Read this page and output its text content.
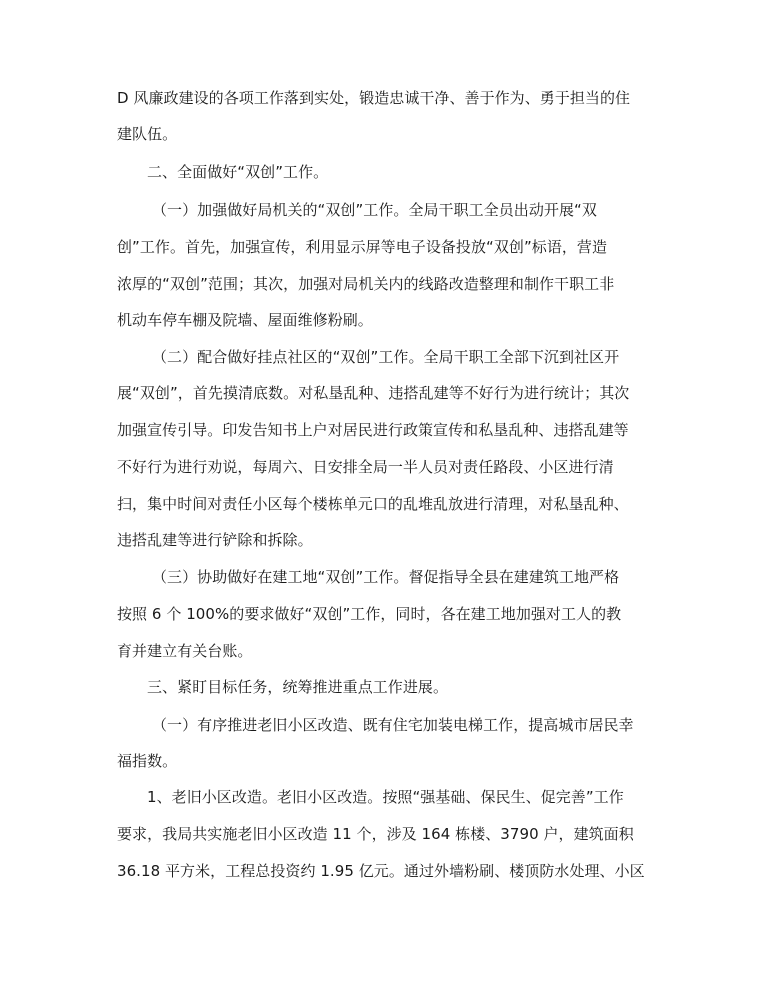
D 风廉政建设的各项工作落到实处，锻造忠诚干净、善于作为、勇于担当的住
建队伍。
二、全面做好“双创”工作。
（一）加强做好局机关的“双创”工作。全局干职工全员出动开展“双
创”工作。首先，加强宣传，利用显示屏等电子设备投放“双创”标语，营造
浓厚的“双创”范围；其次，加强对局机关内的线路改造整理和制作干职工非
机动车停车棚及院墙、屋面维修粉刷。
（二）配合做好挂点社区的“双创”工作。全局干职工全部下沉到社区开
展“双创”，首先摸清底数。对私垦乱种、违搭乱建等不好行为进行统计；其次
加强宣传引导。印发告知书上户对居民进行政策宣传和私垦乱种、违搭乱建等
不好行为进行劝说，每周六、日安排全局一半人员对责任路段、小区进行清
扫，集中时间对责任小区每个楼栋单元口的乱堆乱放进行清理，对私垦乱种、
违搭乱建等进行铲除和拆除。
（三）协助做好在建工地“双创”工作。督促指导全县在建建筑工地严格
按照 6 个 100%的要求做好“双创”工作，同时，各在建工地加强对工人的教
育并建立有关台账。
三、紧盯目标任务，统筹推进重点工作进展。
（一）有序推进老旧小区改造、既有住宅加装电梯工作，提高城市居民幸
福指数。
1、老旧小区改造。老旧小区改造。按照“强基础、保民生、促完善”工作
要求，我局共实施老旧小区改造 11 个，涉及 164 栋楼、3790 户，建筑面积
36.18 平方米，工程总投资约 1.95 亿元。通过外墙粉刷、楼顶防水处理、小区
